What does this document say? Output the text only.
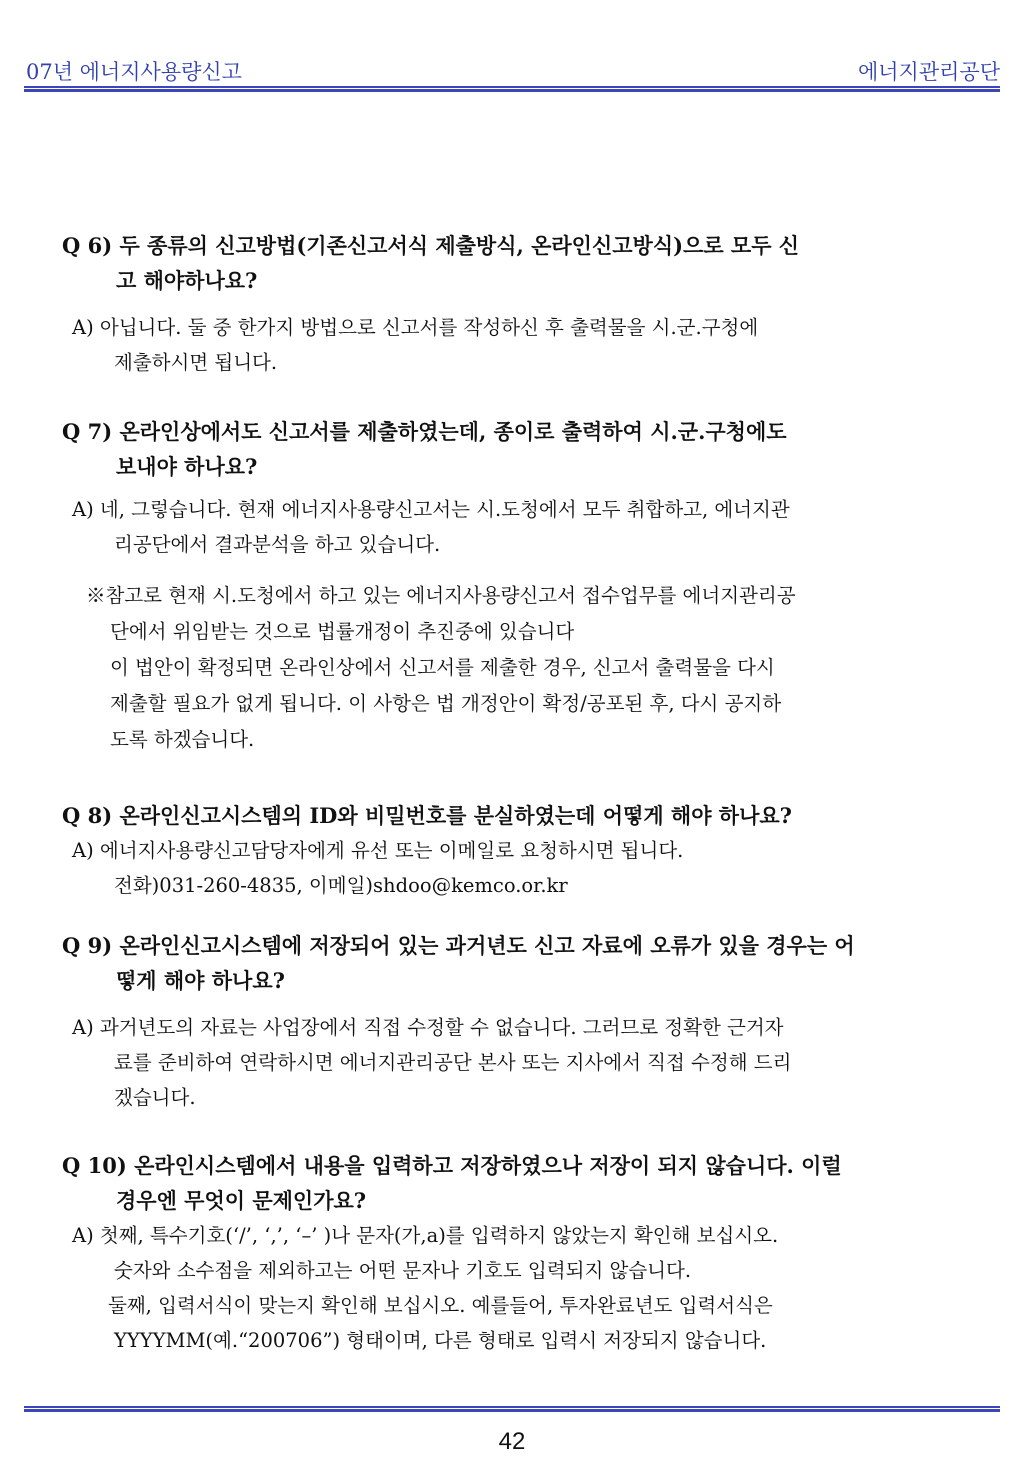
07년 에너지사용량신고	에너지관리공단

Q 6) 두 종류의 신고방법(기존신고서식 제출방식, 온라인신고방식)으로 모두 신
고 해야하나요?

A) 아닙니다. 둘 중 한가지 방법으로 신고서를 작성하신 후 출력물을 시.군.구청에
제출하시면 됩니다.

Q 7) 온라인상에서도 신고서를 제출하였는데, 종이로 출력하여 시.군.구청에도
보내야 하나요?

A) 네, 그렇습니다. 현재 에너지사용량신고서는 시.도청에서 모두 취합하고, 에너지관
리공단에서 결과분석을 하고 있습니다.

※참고로 현재 시.도청에서 하고 있는 에너지사용량신고서 접수업무를 에너지관리공
단에서 위임받는 것으로 법률개정이 추진중에 있습니다
이 법안이 확정되면 온라인상에서 신고서를 제출한 경우, 신고서 출력물을 다시
제출할 필요가 없게 됩니다. 이 사항은 법 개정안이 확정/공포된 후, 다시 공지하
도록 하겠습니다.

Q 8) 온라인신고시스템의 ID와 비밀번호를 분실하였는데 어떻게 해야 하나요?

A) 에너지사용량신고담당자에게 유선 또는 이메일로 요청하시면 됩니다.
전화)031-260-4835, 이메일)shdoo@kemco.or.kr

Q 9) 온라인신고시스템에 저장되어 있는 과거년도 신고 자료에 오류가 있을 경우는 어
떻게 해야 하나요?

A) 과거년도의 자료는 사업장에서 직접 수정할 수 없습니다. 그러므로 정확한 근거자
료를 준비하여 연락하시면 에너지관리공단 본사 또는 지사에서 직접 수정해 드리
겠습니다.

Q 10) 온라인시스템에서 내용을 입력하고 저장하였으나 저장이 되지 않습니다. 이럴
경우엔 무엇이 문제인가요?

A) 첫째, 특수기호(‘/’, ‘,’, ‘–’ )나 문자(가,a)를 입력하지 않았는지 확인해 보십시오.
숫자와 소수점을 제외하고는 어떤 문자나 기호도 입력되지 않습니다.
둘째, 입력서식이 맞는지 확인해 보십시오. 예를들어, 투자완료년도 입력서식은
YYYYMM(예.“200706”) 형태이며, 다른 형태로 입력시 저장되지 않습니다.

42
